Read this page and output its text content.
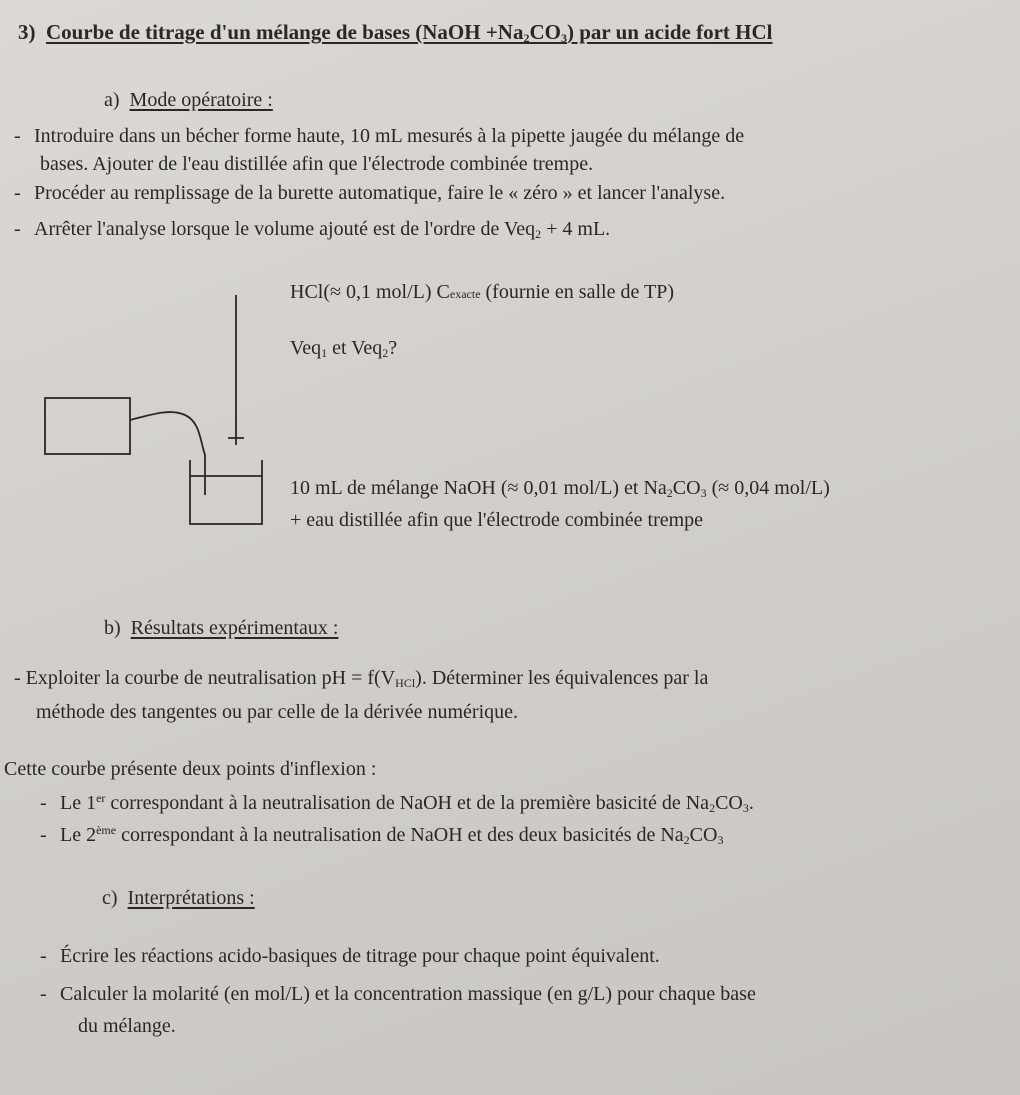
3) Courbe de titrage d'un mélange de bases (NaOH $+Na_2CO_3$) par un acide fort HCl
a) Mode opératoire :
- Introduire dans un bécher forme haute, 10 mL mesurés à la pipette jaugée du mélange de
bases. Ajouter de l'eau distillée afin que l'électrode combinée trempe.
- Procéder au remplissage de la burette automatique, faire le « zéro » et lancer l'analyse.
- Arrêter l'analyse lorsque le volume ajouté est de l'ordre de Veq$_2$ + 4 mL.
HCl(≈ 0,1 mol/L) Cexacte (fournie en salle de TP)
Veq$_1$ et Veq$_2$?
10 mL de mélange NaOH (≈ 0,01 mol/L) et $Na_2CO_3$ (≈ 0,04 mol/L)
+ eau distillée afin que l'électrode combinée trempe
b) Résultats expérimentaux :
- Exploiter la courbe de neutralisation pH = $f(V_{HCl})$. Déterminer les équivalences par la
méthode des tangentes ou par celle de la dérivée numérique.
Cette courbe présente deux points d'inflexion :
- Le 1er correspondant à la neutralisation de NaOH et de la première basicité de $Na_2CO_3$.
- Le 2ème correspondant à la neutralisation de NaOH et des deux basicités de $Na_2CO_3$
c) Interprétations :
- Écrire les réactions acido-basiques de titrage pour chaque point équivalent.
- Calculer la molarité (en mol/L) et la concentration massique (en g/L) pour chaque base
du mélange.
